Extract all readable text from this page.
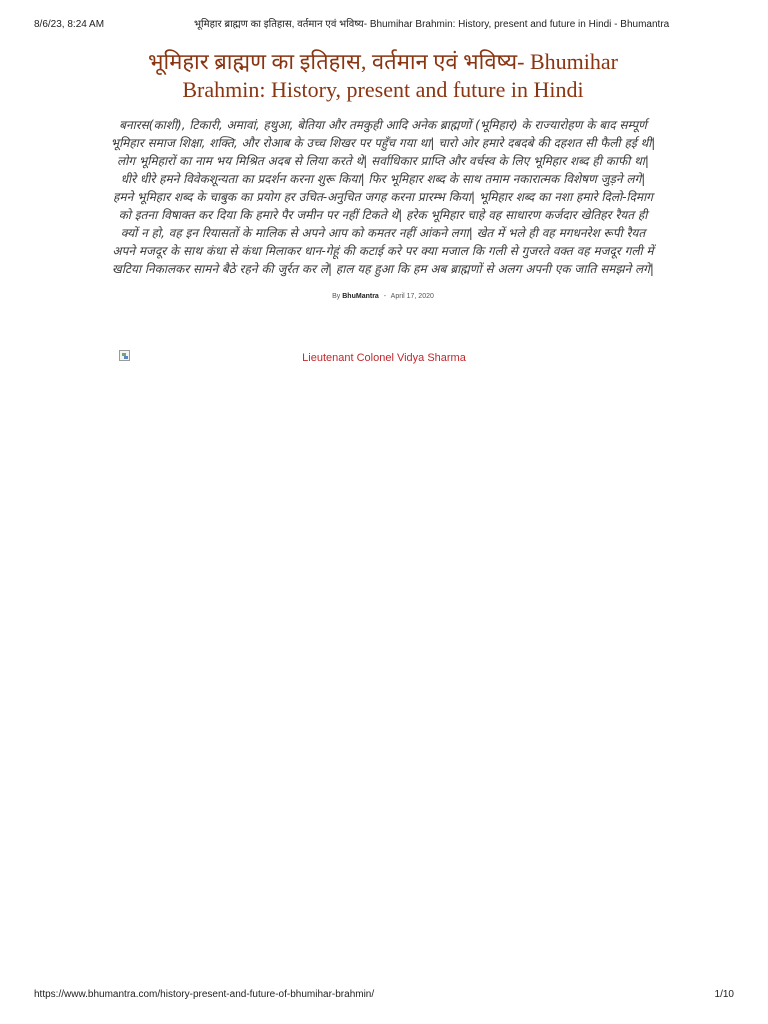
8/6/23, 8:24 AM	भूमिहार ब्राह्मण का इतिहास, वर्तमान एवं भविष्य- Bhumihar Brahmin: History, present and future in Hindi - Bhumantra
भूमिहार ब्राह्मण का इतिहास, वर्तमान एवं भविष्य- Bhumihar Brahmin: History, present and future in Hindi

बनारस(काशी), टिकारी, अमावां, हथुआ, बेतिया और तमकुही आदि अनेक ब्राह्मणों (भूमिहार) के राज्यारोहण के बाद सम्पूर्ण भूमिहार समाज शिक्षा, शक्ति, और रोआब के उच्च शिखर पर पहुँच गया था| चारो ओर हमारे दबदबे की दहशत सी फैली हई थी| लोग भूमिहारों का नाम भय मिश्रित अदब से लिया करते थे| सर्वाधिकार प्राप्ति और वर्चस्व के लिए भूमिहार शब्द ही काफी था| धीरे धीरे हमने विवेकशून्यता का प्रदर्शन करना शुरू किया| फिर भूमिहार शब्द के साथ तमाम नकारात्मक विशेषण जुड़ने लगे| हमने भूमिहार शब्द के चाबुक का प्रयोग हर उचित-अनुचित जगह करना प्रारम्भ किया| भूमिहार शब्द का नशा हमारे दिलो-दिमाग को इतना विषाक्त कर दिया कि हमारे पैर जमीन पर नहीं टिकते थे| हरेक भूमिहार चाहे वह साधारण कर्जदार खेतिहर रैयत ही क्यों न हो, वह इन रियासतों के मालिक से अपने आप को कमतर नहीं आंकने लगा| खेत में भले ही वह मगधनरेश रूपी रैयत अपने मजदूर के साथ कंधा से कंधा मिलाकर धान-गेहूं की कटाई करे पर क्या मजाल कि गली से गुजरते वक्त वह मजदूर गली में खटिया निकालकर सामने बैठे रहने की जुर्रत कर ले| हाल यह हुआ कि हम अब ब्राह्मणों से अलग अपनी एक जाति समझने लगे|

By BhuMantra - April 17, 2020
Lieutenant Colonel Vidya Sharma
https://www.bhumantra.com/history-present-and-future-of-bhumihar-brahmin/	1/10
